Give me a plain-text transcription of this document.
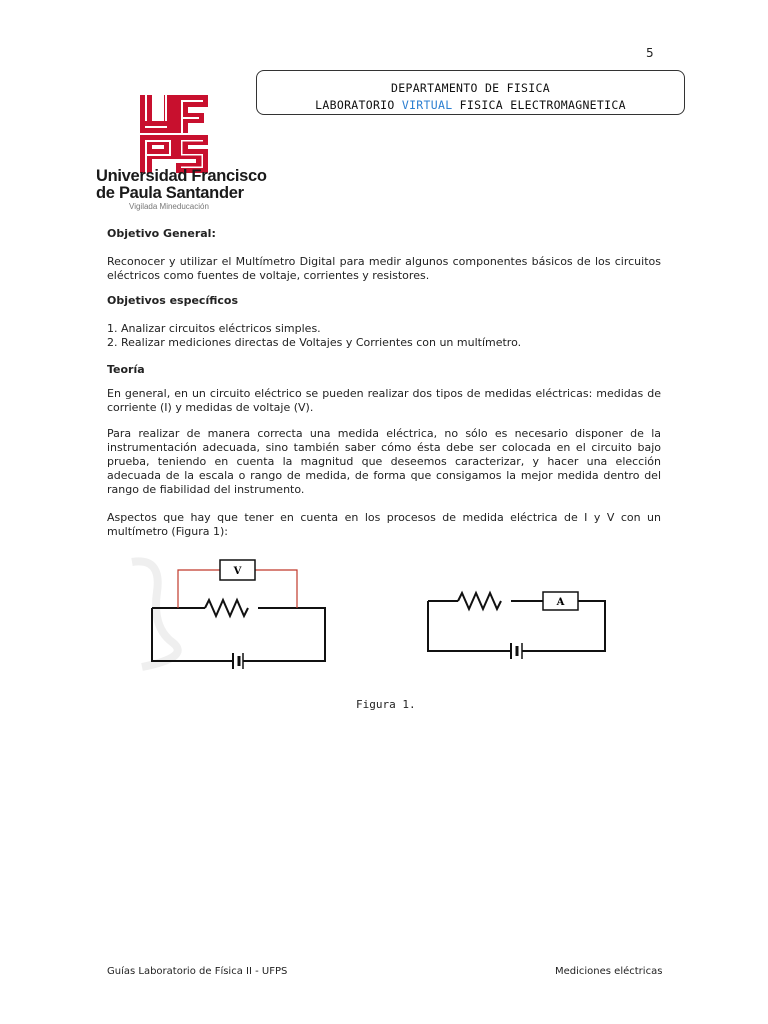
5
DEPARTAMENTO DE FISICA
LABORATORIO VIRTUAL FISICA ELECTROMAGNETICA
Universidad Francisco
de Paula Santander
Vigilada Mineducación
Objetivo General:
Reconocer y utilizar el Multímetro Digital para medir algunos componentes básicos de los circuitos eléctricos como fuentes de voltaje, corrientes y resistores.
Objetivos específicos
1. Analizar circuitos eléctricos simples.
2. Realizar mediciones directas de Voltajes y Corrientes con un multímetro.
Teoría
En general, en un circuito eléctrico se pueden realizar dos tipos de medidas eléctricas: medidas de corriente (I) y medidas de voltaje (V).
Para realizar de manera correcta una medida eléctrica, no sólo es necesario disponer de la instrumentación adecuada, sino también saber cómo ésta debe ser colocada en el circuito bajo prueba, teniendo en cuenta la magnitud que deseemos caracterizar, y hacer una elección adecuada de la escala o rango de medida, de forma que consigamos la mejor medida dentro del rango de fiabilidad del instrumento.
Aspectos que hay que tener en cuenta en los procesos de medida eléctrica de I y V con un multímetro (Figura 1):
V
A
Figura 1.
Guías Laboratorio de Física II - UFPS	Mediciones eléctricas
